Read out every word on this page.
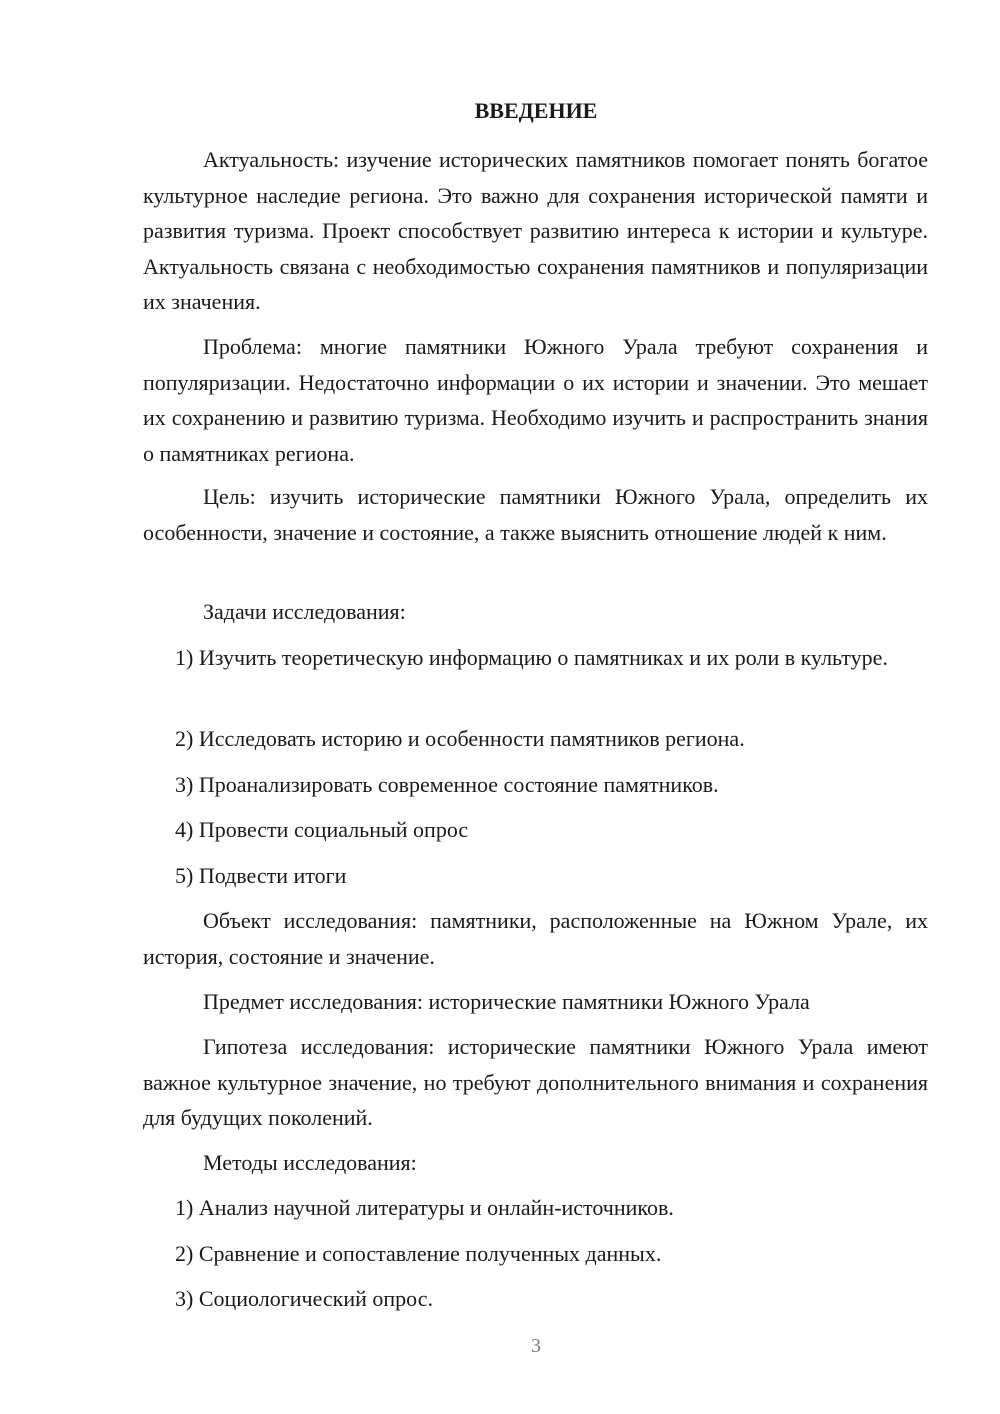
ВВЕДЕНИЕ

Актуальность: изучение исторических памятников помогает понять богатое культурное наследие региона. Это важно для сохранения исторической памяти и развития туризма. Проект способствует развитию интереса к истории и культуре. Актуальность связана с необходимостью сохранения памятников и популяризации их значения.

Проблема: многие памятники Южного Урала требуют сохранения и популяризации. Недостаточно информации о их истории и значении. Это мешает их сохранению и развитию туризма. Необходимо изучить и распространить знания о памятниках региона.

Цель: изучить исторические памятники Южного Урала, определить их особенности, значение и состояние, а также выяснить отношение людей к ним.

Задачи исследования:

1) Изучить теоретическую информацию о памятниках и их роли в культуре.

2) Исследовать историю и особенности памятников региона.

3) Проанализировать современное состояние памятников.

4) Провести социальный опрос

5) Подвести итоги

Объект исследования: памятники, расположенные на Южном Урале, их история, состояние и значение.

Предмет исследования: исторические памятники Южного Урала

Гипотеза исследования: исторические памятники Южного Урала имеют важное культурное значение, но требуют дополнительного внимания и сохранения для будущих поколений.

Методы исследования:

1) Анализ научной литературы и онлайн-источников.

2) Сравнение и сопоставление полученных данных.

3) Социологический опрос.

3
